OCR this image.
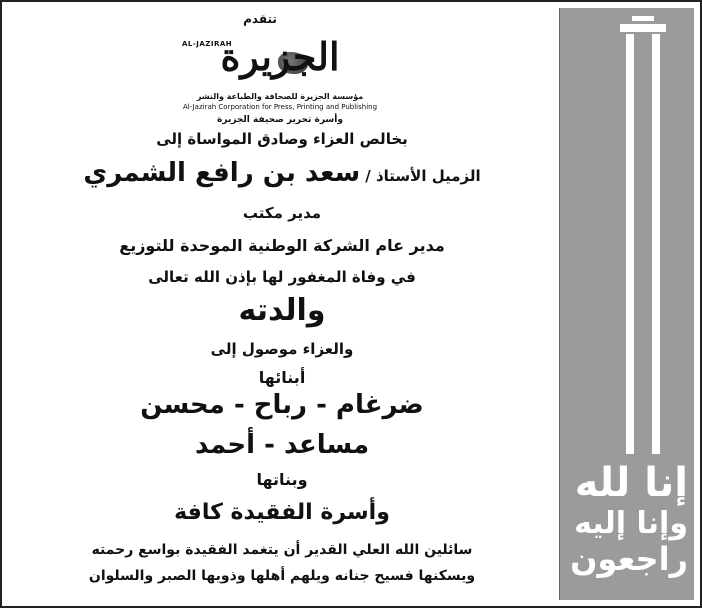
إنا لله
وإنا إليه
راجعون
تتقدم
AL-JAZIRAH
الجزيرة
مؤسسة الجزيرة للصحافة والطباعة والنشر
Al-Jazirah Corporation for Press, Printing and Publishing
وأسرة تحرير صحيفة الجزيرة
بخالص العزاء وصادق المواساة إلى
الزميل الأستاذ / سعد بن رافع الشمري
مدير مكتب
مدير عام الشركة الوطنية الموحدة للتوزيع
في وفاة المغفور لها بإذن الله تعالى
والدته
والعزاء موصول إلى
أبنائها
ضرغام - رباح - محسن
مساعد - أحمد
وبناتها
وأسرة الفقيدة كافة
سائلين الله العلي القدير أن يتغمد الفقيدة بواسع رحمته
ويسكنها فسيح جنانه ويلهم أهلها وذويها الصبر والسلوان
